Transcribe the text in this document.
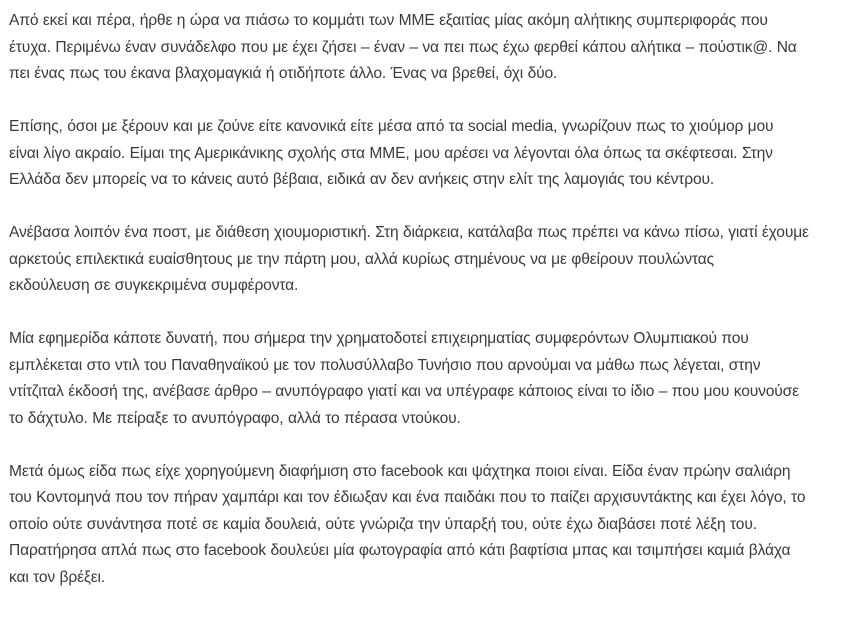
Από εκεί και πέρα, ήρθε η ώρα να πιάσω το κομμάτι των ΜΜΕ εξαιτίας μίας ακόμη αλήτικης συμπεριφοράς που
έτυχα. Περιμένω έναν συνάδελφο που με έχει ζήσει – έναν – να πει πως έχω φερθεί κάπου αλήτικα – πούστικ@. Να
πει ένας πως του έκανα βλαχομαγκιά ή οτιδήποτε άλλο. Ένας να βρεθεί, όχι δύο.

Επίσης, όσοι με ξέρουν και με ζούνε είτε κανονικά είτε μέσα από τα social media, γνωρίζουν πως το χιούμορ μου
είναι λίγο ακραίο. Είμαι της Αμερικάνικης σχολής στα ΜΜΕ, μου αρέσει να λέγονται όλα όπως τα σκέφτεσαι. Στην
Ελλάδα δεν μπορείς να το κάνεις αυτό βέβαια, ειδικά αν δεν ανήκεις στην ελίτ της λαμογιάς του κέντρου.

Ανέβασα λοιπόν ένα ποστ, με διάθεση χιουμοριστική. Στη διάρκεια, κατάλαβα πως πρέπει να κάνω πίσω, γιατί έχουμε
αρκετούς επιλεκτικά ευαίσθητους με την πάρτη μου, αλλά κυρίως στημένους να με φθείρουν πουλώντας
εκδούλευση σε συγκεκριμένα συμφέροντα.

Μία εφημερίδα κάποτε δυνατή, που σήμερα την χρηματοδοτεί επιχειρηματίας συμφερόντων Ολυμπιακού που
εμπλέκεται στο ντιλ του Παναθηναϊκού με τον πολυσύλλαβο Τυνήσιο που αρνούμαι να μάθω πως λέγεται, στην
ντίτζιταλ έκδοσή της, ανέβασε άρθρο – ανυπόγραφο γιατί και να υπέγραφε κάποιος είναι το ίδιο – που μου κουνούσε
το δάχτυλο. Με πείραξε το ανυπόγραφο, αλλά το πέρασα ντούκου.

Μετά όμως είδα πως είχε χορηγούμενη διαφήμιση στο facebook και ψάχτηκα ποιοι είναι. Είδα έναν πρώην σαλιάρη
του Κοντομηνά που τον πήραν χαμπάρι και τον έδιωξαν και ένα παιδάκι που το παίζει αρχισυντάκτης και έχει λόγο, το
οποίο ούτε συνάντησα ποτέ σε καμία δουλειά, ούτε γνώριζα την ύπαρξή του, ούτε έχω διαβάσει ποτέ λέξη του.
Παρατήρησα απλά πως στο facebook δουλεύει μία φωτογραφία από κάτι βαφτίσια μπας και τσιμπήσει καμιά βλάχα
και τον βρέξει.
